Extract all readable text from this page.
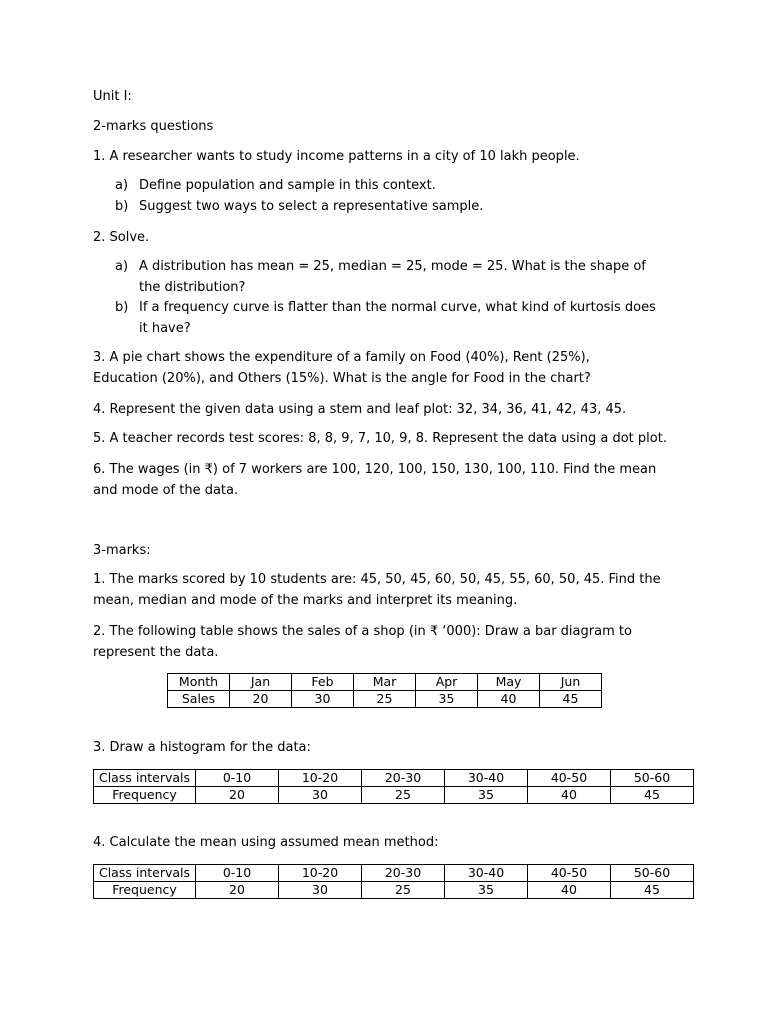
Unit I:
2-marks questions
1. A researcher wants to study income patterns in a city of 10 lakh people.
a) Define population and sample in this context.
b) Suggest two ways to select a representative sample.
2. Solve.
a) A distribution has mean = 25, median = 25, mode = 25. What is the shape of the distribution?
b) If a frequency curve is flatter than the normal curve, what kind of kurtosis does it have?
3. A pie chart shows the expenditure of a family on Food (40%), Rent (25%), Education (20%), and Others (15%). What is the angle for Food in the chart?
4. Represent the given data using a stem and leaf plot: 32, 34, 36, 41, 42, 43, 45.
5. A teacher records test scores: 8, 8, 9, 7, 10, 9, 8. Represent the data using a dot plot.
6. The wages (in ₹) of 7 workers are 100, 120, 100, 150, 130, 100, 110. Find the mean and mode of the data.
3-marks:
1. The marks scored by 10 students are: 45, 50, 45, 60, 50, 45, 55, 60, 50, 45. Find the mean, median and mode of the marks and interpret its meaning.
2. The following table shows the sales of a shop (in ₹ ‘000): Draw a bar diagram to represent the data.
Month	Jan	Feb	Mar	Apr	May	Jun
Sales	20	30	25	35	40	45
3. Draw a histogram for the data:
Class intervals	0-10	10-20	20-30	30-40	40-50	50-60
Frequency	20	30	25	35	40	45
4. Calculate the mean using assumed mean method:
Class intervals	0-10	10-20	20-30	30-40	40-50	50-60
Frequency	20	30	25	35	40	45
